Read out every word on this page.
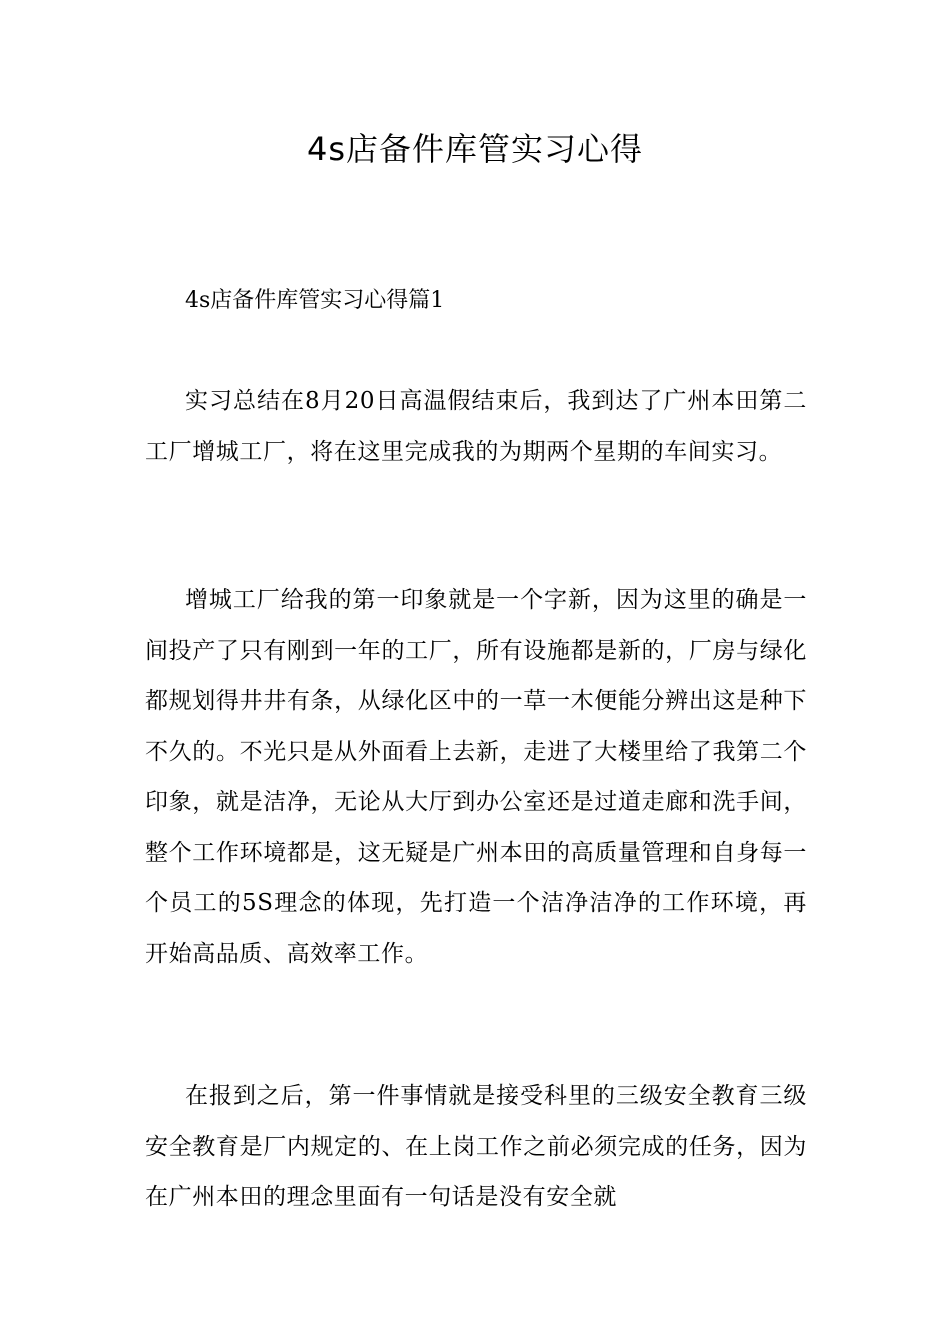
4s店备件库管实习心得
4s店备件库管实习心得篇1

实习总结在8月20日高温假结束后，我到达了广州本田第二工厂增城工厂，将在这里完成我的为期两个星期的车间实习。

增城工厂给我的第一印象就是一个字新，因为这里的确是一间投产了只有刚到一年的工厂，所有设施都是新的，厂房与绿化都规划得井井有条，从绿化区中的一草一木便能分辨出这是种下不久的。不光只是从外面看上去新，走进了大楼里给了我第二个印象，就是洁净，无论从大厅到办公室还是过道走廊和洗手间，整个工作环境都是，这无疑是广州本田的高质量管理和自身每一个员工的5S理念的体现，先打造一个洁净洁净的工作环境，再开始高品质、高效率工作。

在报到之后，第一件事情就是接受科里的三级安全教育三级安全教育是厂内规定的、在上岗工作之前必须完成的任务，因为在广州本田的理念里面有一句话是没有安全就
